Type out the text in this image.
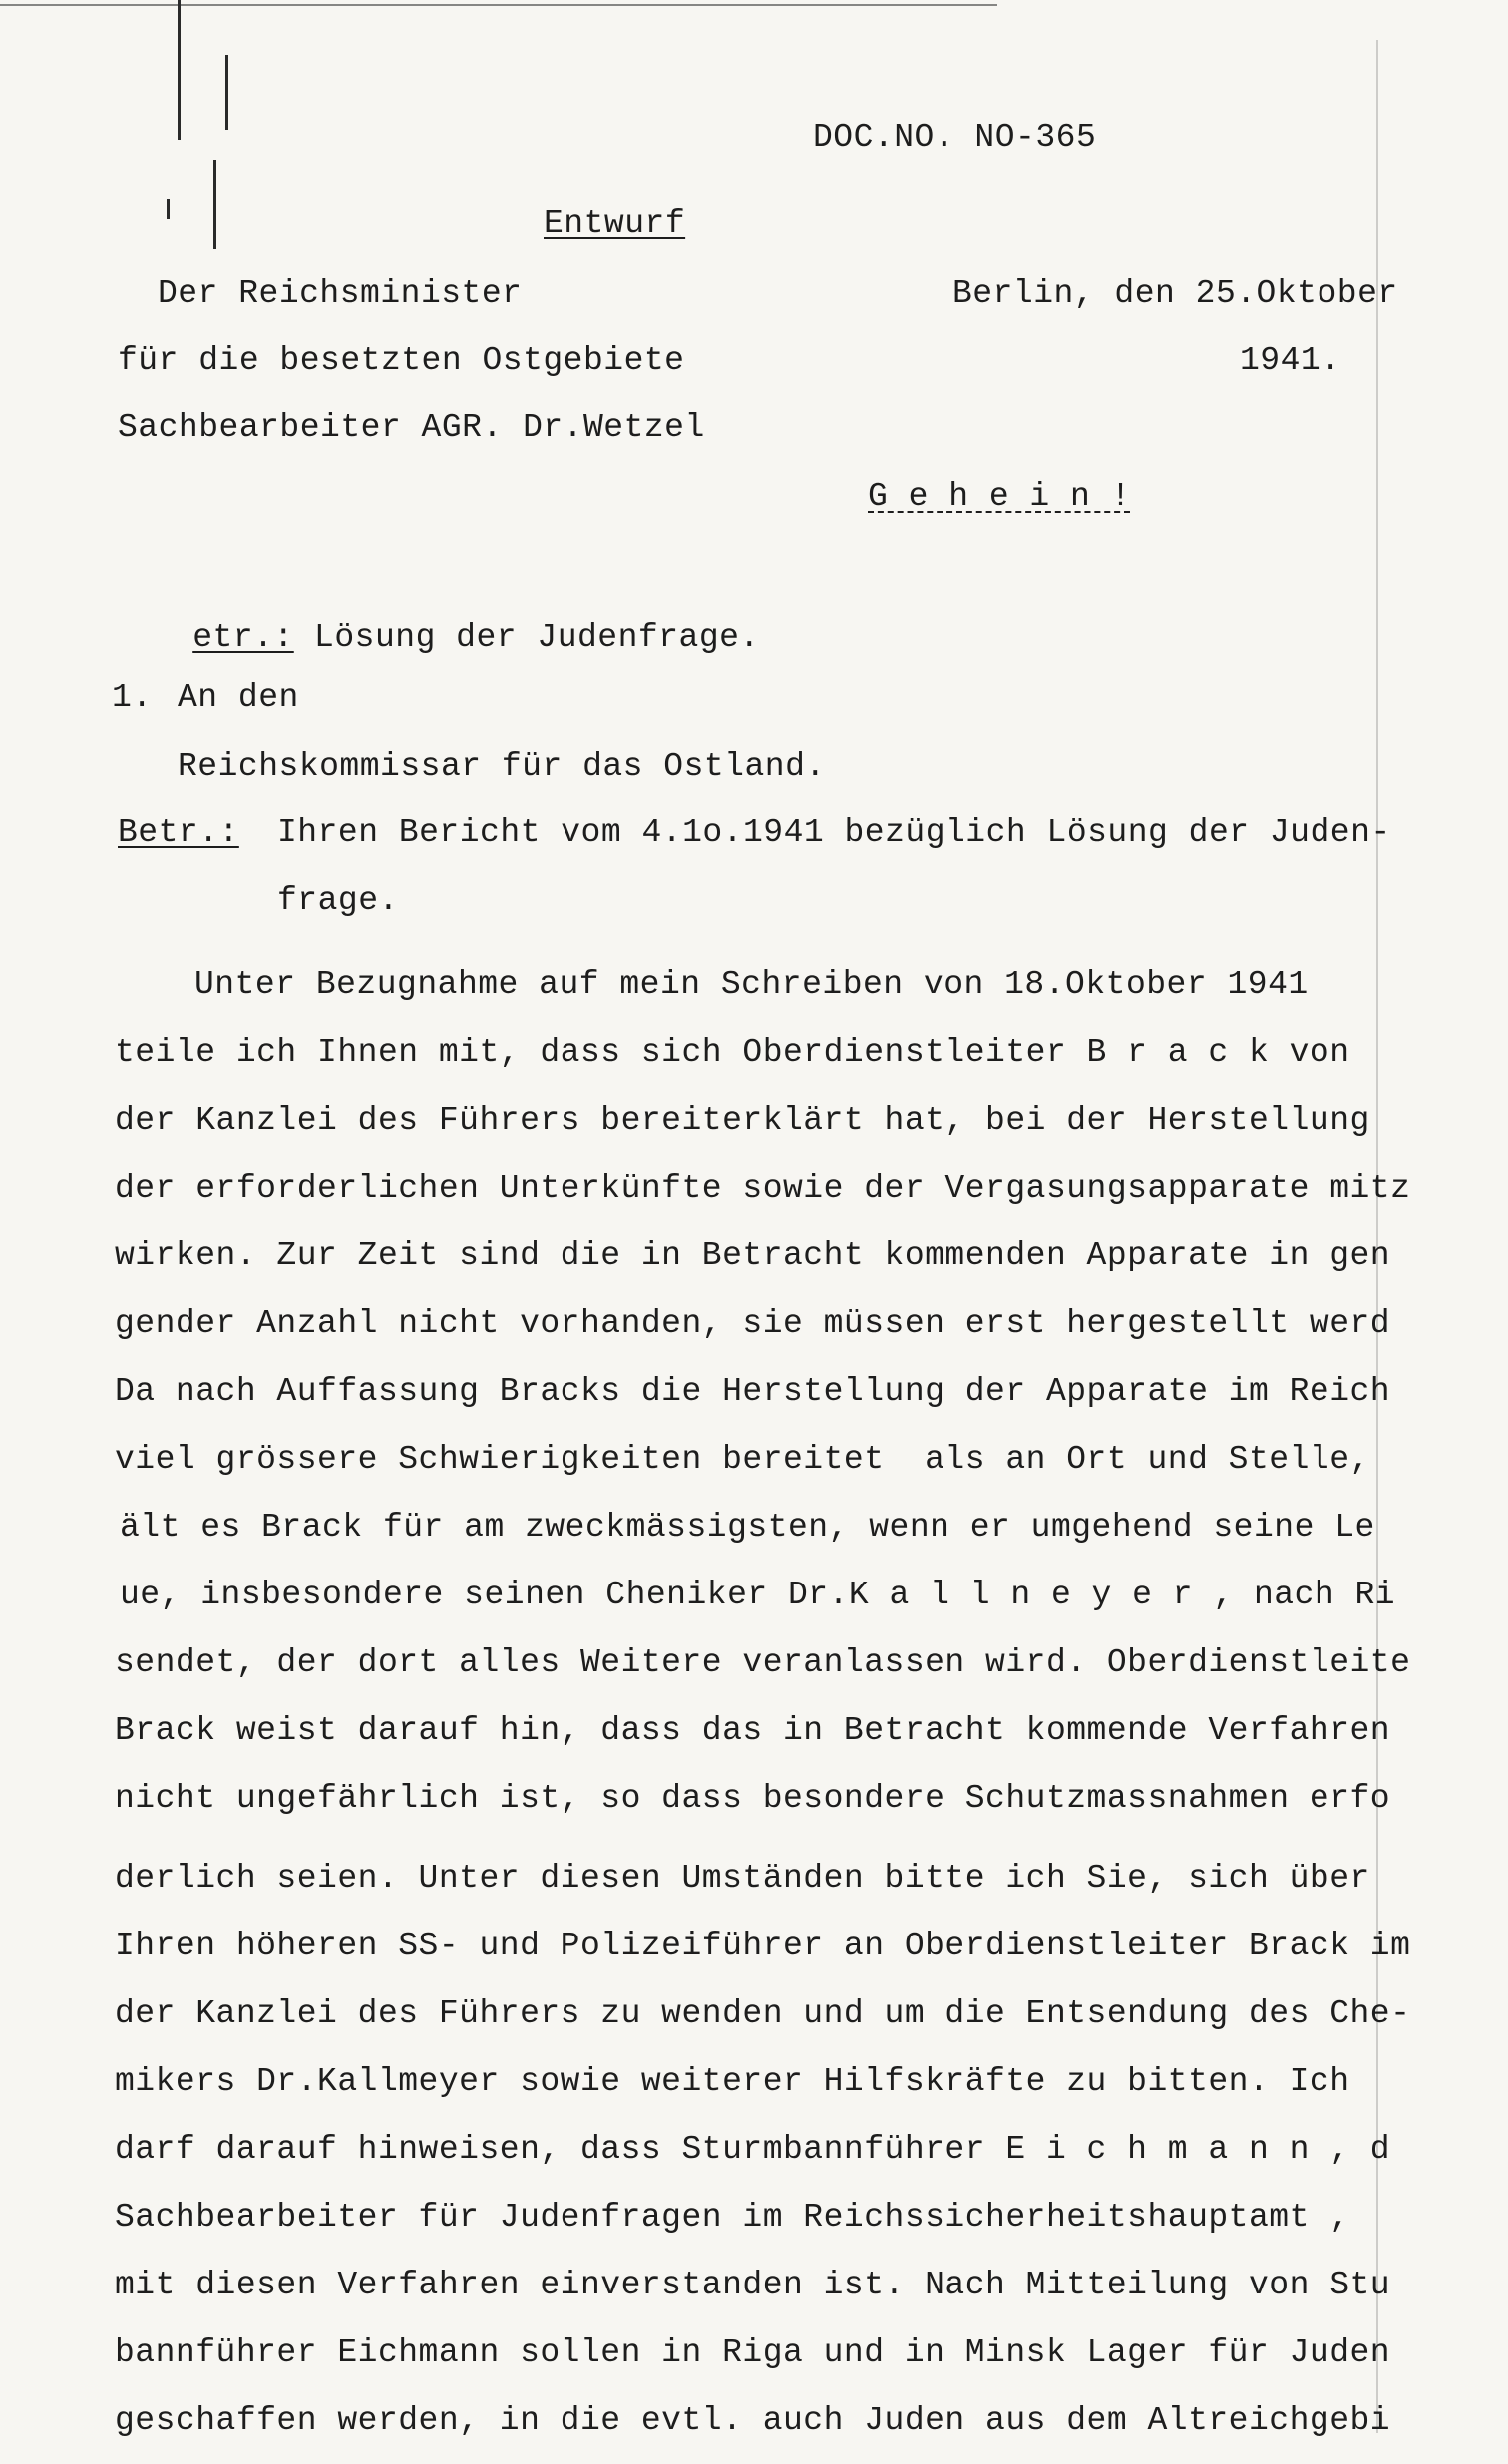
DOC.NO. NO-365
Entwurf
Der Reichsminister	Berlin, den 25.Oktober
für die besetzten Ostgebiete	1941.
Sachbearbeiter AGR. Dr.Wetzel
G e h e i n !

etr.: Lösung der Judenfrage.

1. An den
Reichskommissar für das Ostland.
Betr.: Ihren Bericht vom 4.1o.1941 bezüglich Lösung der Juden-
frage.
Unter Bezugnahme auf mein Schreiben von 18.Oktober 1941
teile ich Ihnen mit, dass sich Oberdienstleiter B r a c k von
der Kanzlei des Führers bereiterklärt hat, bei der Herstellung
der erforderlichen Unterkünfte sowie der Vergasungsapparate mitz
wirken. Zur Zeit sind die in Betracht kommenden Apparate in gen
gender Anzahl nicht vorhanden, sie müssen erst hergestellt werd
Da nach Auffassung Bracks die Herstellung der Apparate im Reich
viel grössere Schwierigkeiten bereitet  als an Ort und Stelle,
ält es Brack für am zweckmässigsten, wenn er umgehend seine Le
ue, insbesondere seinen Cheniker Dr.K a l l n e y e r , nach Ri
sendet, der dort alles Weitere veranlassen wird. Oberdienstleite
Brack weist darauf hin, dass das in Betracht kommende Verfahren
nicht ungefährlich ist, so dass besondere Schutzmassnahmen erfo
derlich seien. Unter diesen Umständen bitte ich Sie, sich über
Ihren höheren SS- und Polizeiführer an Oberdienstleiter Brack im
der Kanzlei des Führers zu wenden und um die Entsendung des Che-
mikers Dr.Kallmeyer sowie weiterer Hilfskräfte zu bitten. Ich
darf darauf hinweisen, dass Sturmbannführer E i c h m a n n , d
Sachbearbeiter für Judenfragen im Reichssicherheitshauptamt ,
mit diesen Verfahren einverstanden ist. Nach Mitteilung von Stu
bannführer Eichmann sollen in Riga und in Minsk Lager für Juden
geschaffen werden, in die evtl. auch Juden aus dem Altreichgebi
